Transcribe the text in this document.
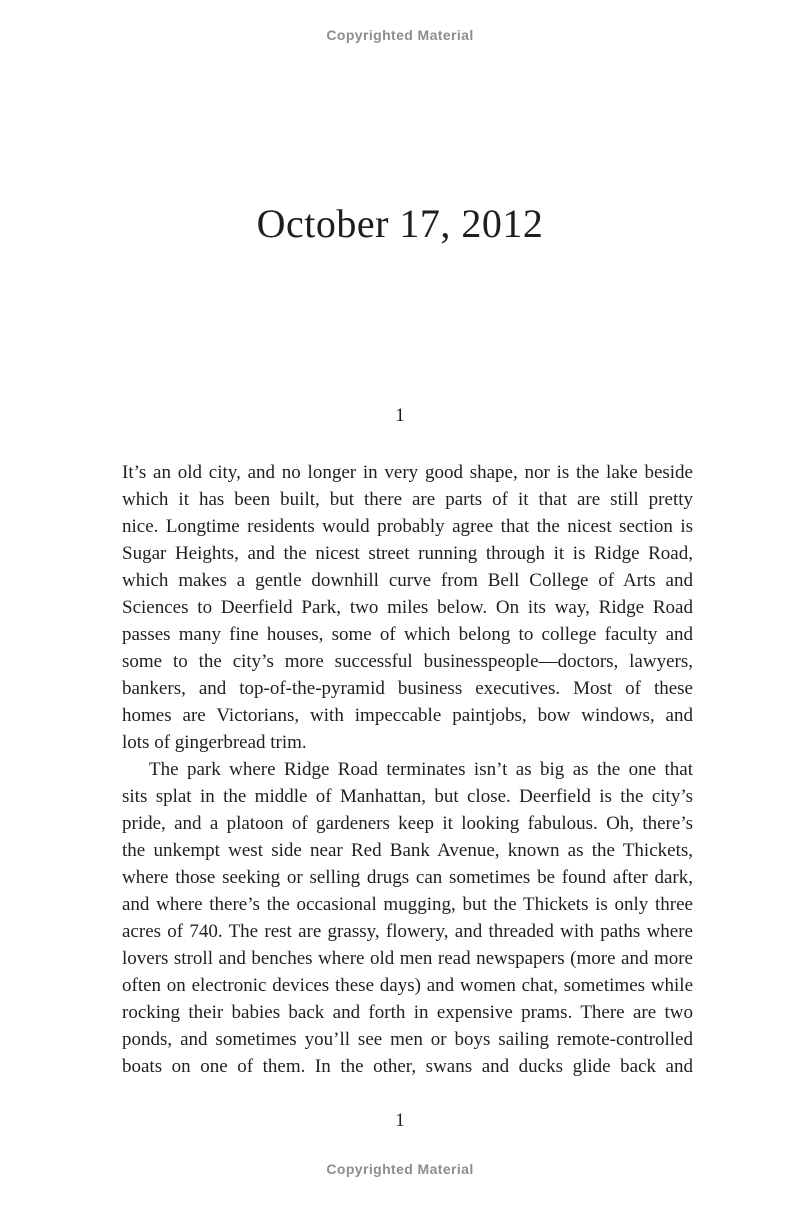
Copyrighted Material
October 17, 2012
1

It’s an old city, and no longer in very good shape, nor is the lake beside
which it has been built, but there are parts of it that are still pretty
nice. Longtime residents would probably agree that the nicest section is
Sugar Heights, and the nicest street running through it is Ridge Road,
which makes a gentle downhill curve from Bell College of Arts and
Sciences to Deerfield Park, two miles below. On its way, Ridge Road
passes many fine houses, some of which belong to college faculty and
some to the city’s more successful businesspeople—doctors, lawyers,
bankers, and top-of-the-pyramid business executives. Most of these
homes are Victorians, with impeccable paintjobs, bow windows, and
lots of gingerbread trim.

The park where Ridge Road terminates isn’t as big as the one that
sits splat in the middle of Manhattan, but close. Deerfield is the city’s
pride, and a platoon of gardeners keep it looking fabulous. Oh, there’s
the unkempt west side near Red Bank Avenue, known as the Thickets,
where those seeking or selling drugs can sometimes be found after dark,
and where there’s the occasional mugging, but the Thickets is only three
acres of 740. The rest are grassy, flowery, and threaded with paths where
lovers stroll and benches where old men read newspapers (more and more
often on electronic devices these days) and women chat, sometimes while
rocking their babies back and forth in expensive prams. There are two
ponds, and sometimes you’ll see men or boys sailing remote-controlled
boats on one of them. In the other, swans and ducks glide back and

1
Copyrighted Material
